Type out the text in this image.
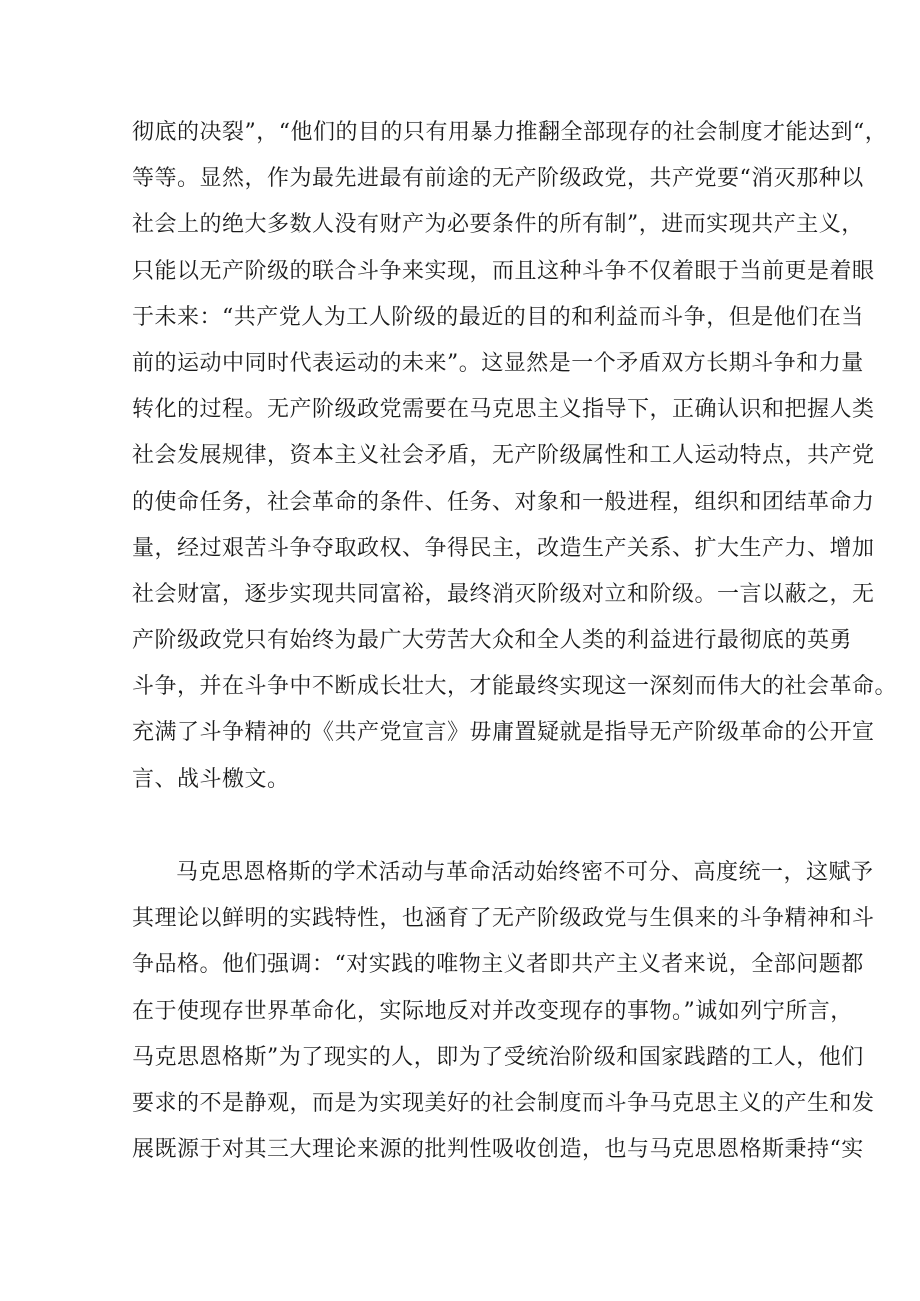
彻底的决裂”，“他们的目的只有用暴力推翻全部现存的社会制度才能达到“，
等等。显然，作为最先进最有前途的无产阶级政党，共产党要“消灭那种以
社会上的绝大多数人没有财产为必要条件的所有制”，进而实现共产主义，
只能以无产阶级的联合斗争来实现，而且这种斗争不仅着眼于当前更是着眼
于未来：“共产党人为工人阶级的最近的目的和利益而斗争，但是他们在当
前的运动中同时代表运动的未来”。这显然是一个矛盾双方长期斗争和力量
转化的过程。无产阶级政党需要在马克思主义指导下，正确认识和把握人类
社会发展规律，资本主义社会矛盾，无产阶级属性和工人运动特点，共产党
的使命任务，社会革命的条件、任务、对象和一般进程，组织和团结革命力
量，经过艰苦斗争夺取政权、争得民主，改造生产关系、扩大生产力、增加
社会财富，逐步实现共同富裕，最终消灭阶级对立和阶级。一言以蔽之，无
产阶级政党只有始终为最广大劳苦大众和全人类的利益进行最彻底的英勇
斗争，并在斗争中不断成长壮大，才能最终实现这一深刻而伟大的社会革命。
充满了斗争精神的《共产党宣言》毋庸置疑就是指导无产阶级革命的公开宣
言、战斗檄文。
马克思恩格斯的学术活动与革命活动始终密不可分、高度统一，这赋予
其理论以鲜明的实践特性，也涵育了无产阶级政党与生俱来的斗争精神和斗
争品格。他们强调：“对实践的唯物主义者即共产主义者来说，全部问题都
在于使现存世界革命化，实际地反对并改变现存的事物。”诚如列宁所言，
马克思恩格斯”为了现实的人，即为了受统治阶级和国家践踏的工人，他们
要求的不是静观，而是为实现美好的社会制度而斗争马克思主义的产生和发
展既源于对其三大理论来源的批判性吸收创造，也与马克思恩格斯秉持“实
